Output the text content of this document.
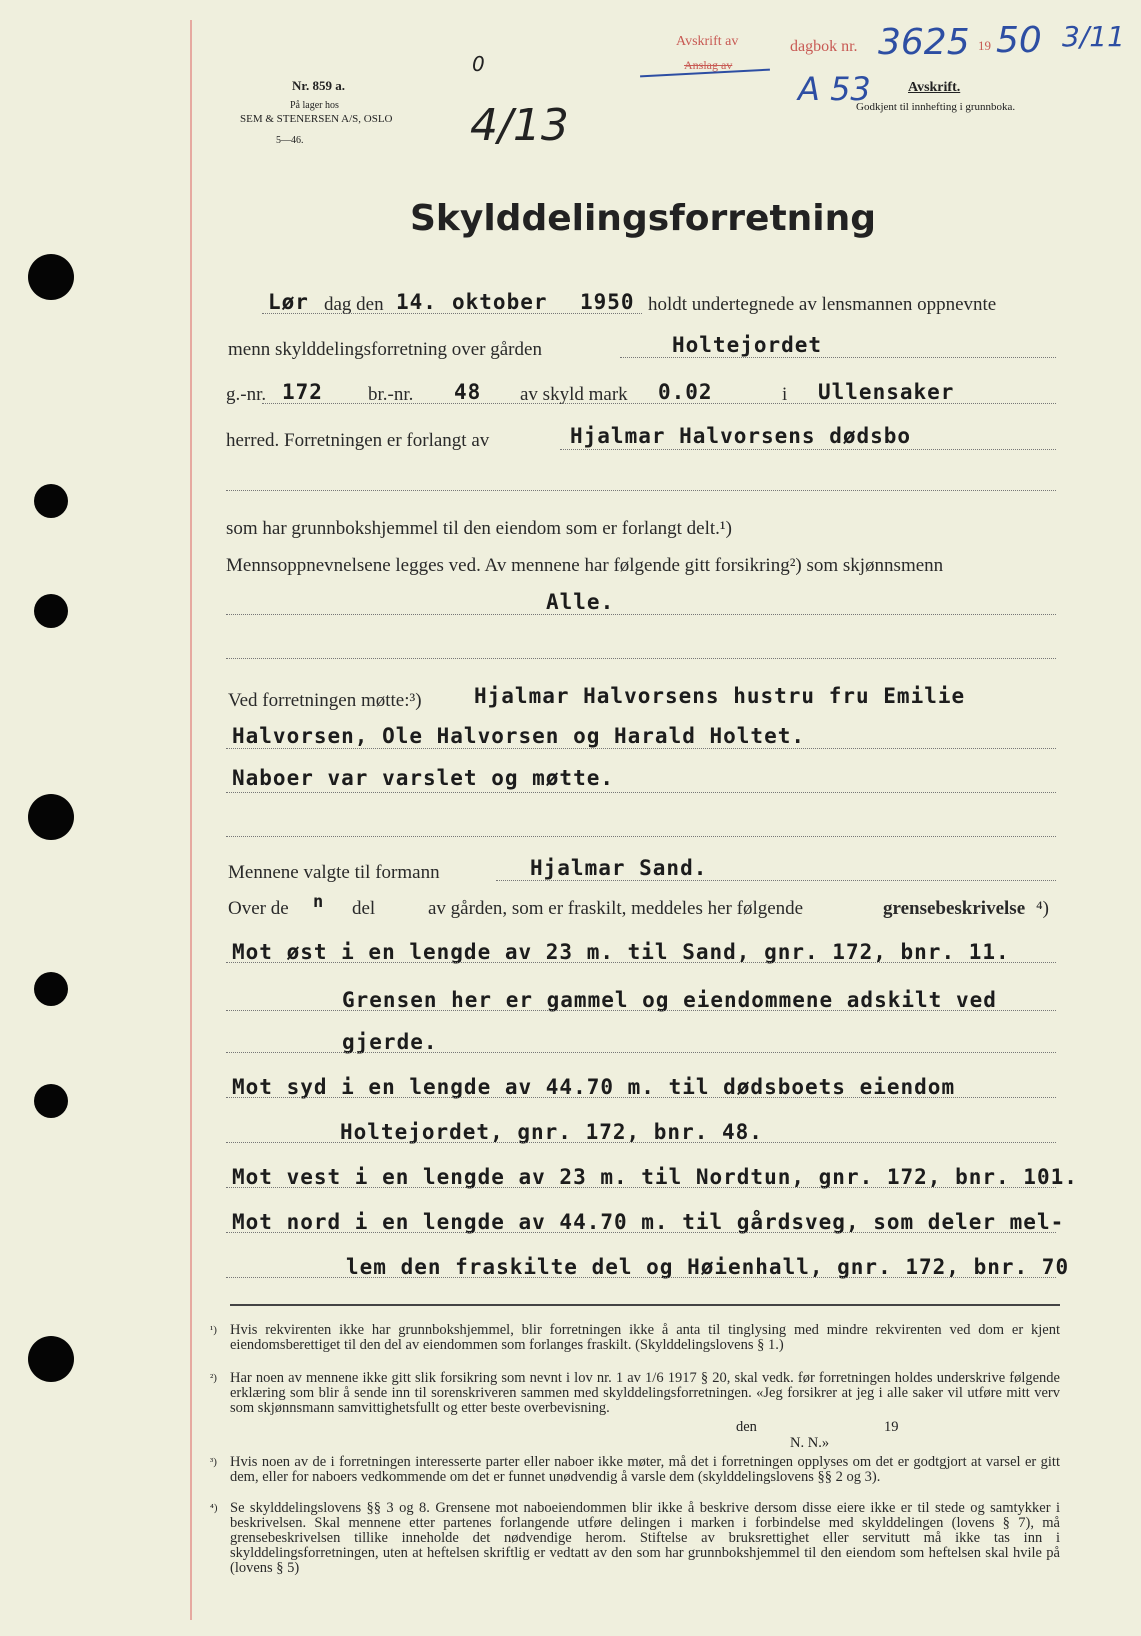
Nr. 859 a.
På lager hos
SEM & STENERSEN A/S, OSLO
5—46.
0
4/13
Avskrift av
Anslag av
dagbok nr. 3625 19 50 3/11
A 53	Avskrift.
Godkjent til innhefting i grunnboka.
Skylddelingsforretning
Lør dag den 14. oktober 1950 holdt undertegnede av lensmannen oppnevnte
menn skylddelingsforretning over gården	Holtejordet
g.-nr. 172 br.-nr. 48 av skyld mark 0.02	i Ullensaker
herred. Forretningen er forlangt av	Hjalmar Halvorsens dødsbo
som har grunnbokshjemmel til den eiendom som er forlangt delt.¹)
Mennsoppnevnelsene legges ved. Av mennene har følgende gitt forsikring²) som skjønnsmenn
Alle.
Ved forretningen møtte:³) Hjalmar Halvorsens hustru fru Emilie
Halvorsen, Ole Halvorsen og Harald Holtet.
Naboer var varslet og møtte.
Mennene valgte til formann	Hjalmar Sand.
Over de n del	av gården, som er fraskilt, meddeles her følgende	grensebeskrivelse ⁴)
Mot øst i en lengde av 23 m. til Sand, gnr. 172, bnr. 11.
Grensen her er gammel og eiendommene adskilt ved
gjerde.
Mot syd i en lengde av 44.70 m. til dødsboets eiendom
Holtejordet, gnr. 172, bnr. 48.
Mot vest i en lengde av 23 m. til Nordtun, gnr. 172, bnr. 101.
Mot nord i en lengde av 44.70 m. til gårdsveg, som deler mel-
lem den fraskilte del og Høienhall, gnr. 172, bnr. 70
¹) Hvis rekvirenten ikke har grunnbokshjemmel, blir forretningen ikke å anta til tinglysing med mindre rekvirenten ved dom er kjent eiendomsberettiget til den del av eiendommen som forlanges fraskilt. (Skylddelingslovens § 1.)
²) Har noen av mennene ikke gitt slik forsikring som nevnt i lov nr. 1 av 1/6 1917 § 20, skal vedk. før forretningen holdes underskrive følgende erklæring som blir å sende inn til sorenskriveren sammen med skylddelingsforretningen. «Jeg forsikrer at jeg i alle saker vil utføre mitt verv som skjønnsmann samvittighetsfullt og etter beste overbevisning.
den	19
N. N.»
³) Hvis noen av de i forretningen interesserte parter eller naboer ikke møter, må det i forretningen opplyses om det er godtgjort at varsel er gitt dem, eller for naboers vedkommende om det er funnet unødvendig å varsle dem (skylddelingslovens §§ 2 og 3).
⁴) Se skylddelingslovens §§ 3 og 8. Grensene mot naboeiendommen blir ikke å beskrive dersom disse eiere ikke er til stede og samtykker i beskrivelsen. Skal mennene etter partenes forlangende utføre delingen i marken i forbindelse med skylddelingen (lovens § 7), må grensebeskrivelsen tillike inneholde det nødvendige herom. Stiftelse av bruksrettighet eller servitutt må ikke tas inn i skylddelingsforretningen, uten at heftelsen skriftlig er vedtatt av den som har grunnbokshjemmel til den eiendom som heftelsen skal hvile på (lovens § 5)
